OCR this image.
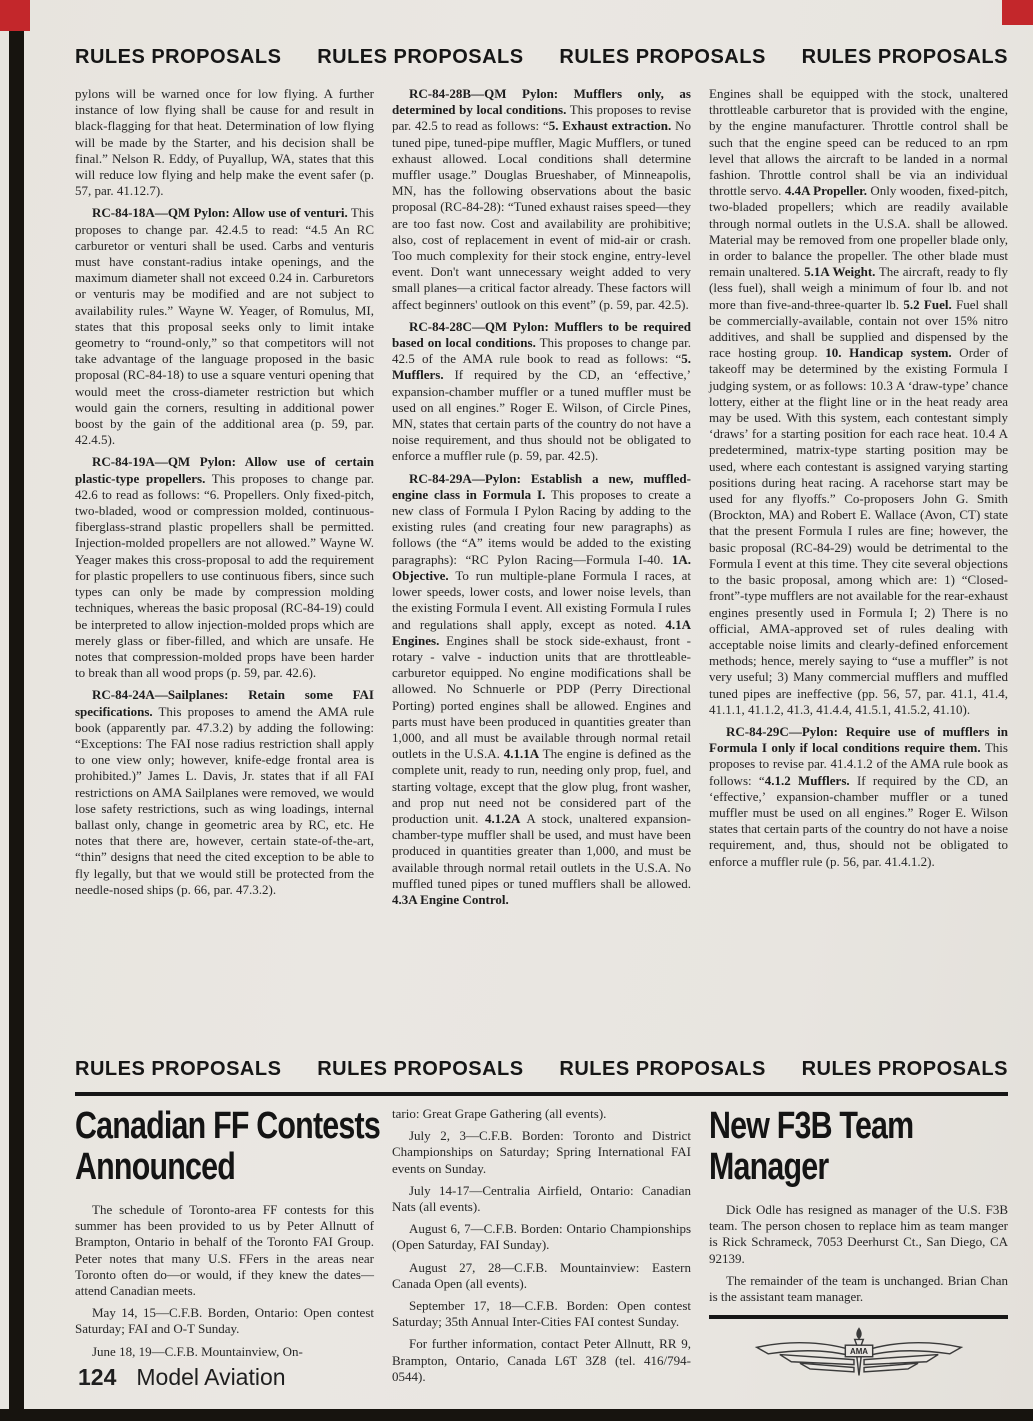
RULES PROPOSALS RULES PROPOSALS RULES PROPOSALS RULES PROPOSALS

pylons will be warned once for low flying. A further instance of low flying shall be cause for and result in black-flagging for that heat. Determination of low flying will be made by the Starter, and his decision shall be final.” Nelson R. Eddy, of Puyallup, WA, states that this will reduce low flying and help make the event safer (p. 57, par. 41.12.7).

RC-84-18A—QM Pylon: Allow use of venturi. This proposes to change par. 42.4.5 to read: “4.5 An RC carburetor or venturi shall be used. Carbs and venturis must have constant-radius intake openings, and the maximum diameter shall not exceed 0.24 in. Carburetors or venturis may be modified and are not subject to availability rules.” Wayne W. Yeager, of Romulus, MI, states that this proposal seeks only to limit intake geometry to “round-only,” so that competitors will not take advantage of the language proposed in the basic proposal (RC-84-18) to use a square venturi opening that would meet the cross-diameter restriction but which would gain the corners, resulting in additional power boost by the gain of the additional area (p. 59, par. 42.4.5).

RC-84-19A—QM Pylon: Allow use of certain plastic-type propellers. This proposes to change par. 42.6 to read as follows: “6. Propellers. Only fixed-pitch, two-bladed, wood or compression molded, continuous-fiberglass-strand plastic propellers shall be permitted. Injection-molded propellers are not allowed.” Wayne W. Yeager makes this cross-proposal to add the requirement for plastic propellers to use continuous fibers, since such types can only be made by compression molding techniques, whereas the basic proposal (RC-84-19) could be interpreted to allow injection-molded props which are merely glass or fiber-filled, and which are unsafe. He notes that compression-molded props have been harder to break than all wood props (p. 59, par. 42.6).

RC-84-24A—Sailplanes: Retain some FAI specifications. This proposes to amend the AMA rule book (apparently par. 47.3.2) by adding the following: “Exceptions: The FAI nose radius restriction shall apply to one view only; however, knife-edge frontal area is prohibited.)” James L. Davis, Jr. states that if all FAI restrictions on AMA Sailplanes were removed, we would lose safety restrictions, such as wing loadings, internal ballast only, change in geometric area by RC, etc. He notes that there are, however, certain state-of-the-art, “thin” designs that need the cited exception to be able to fly legally, but that we would still be protected from the needle-nosed ships (p. 66, par. 47.3.2).

RC-84-28B—QM Pylon: Mufflers only, as determined by local conditions. This proposes to revise par. 42.5 to read as follows: “5. Exhaust extraction. No tuned pipe, tuned-pipe muffler, Magic Mufflers, or tuned exhaust allowed. Local conditions shall determine muffler usage.” Douglas Brueshaber, of Minneapolis, MN, has the following observations about the basic proposal (RC-84-28): “Tuned exhaust raises speed—they are too fast now. Cost and availability are prohibitive; also, cost of replacement in event of mid-air or crash. Too much complexity for their stock engine, entry-level event. Don't want unnecessary weight added to very small planes—a critical factor already. These factors will affect beginners' outlook on this event” (p. 59, par. 42.5).

RC-84-28C—QM Pylon: Mufflers to be required based on local conditions. This proposes to change par. 42.5 of the AMA rule book to read as follows: “5. Mufflers. If required by the CD, an ‘effective,’ expansion-chamber muffler or a tuned muffler must be used on all engines.” Roger E. Wilson, of Circle Pines, MN, states that certain parts of the country do not have a noise requirement, and thus should not be obligated to enforce a muffler rule (p. 59, par. 42.5).

RC-84-29A—Pylon: Establish a new, muffled-engine class in Formula I. This proposes to create a new class of Formula I Pylon Racing by adding to the existing rules (and creating four new paragraphs) as follows (the “A” items would be added to the existing paragraphs): “RC Pylon Racing—Formula I-40. 1A. Objective. To run multiple-plane Formula I races, at lower speeds, lower costs, and lower noise levels, than the existing Formula I event. All existing Formula I rules and regulations shall apply, except as noted. 4.1A Engines. Engines shall be stock side-exhaust, front - rotary - valve - induction units that are throttleable-carburetor equipped. No engine modifications shall be allowed. No Schnuerle or PDP (Perry Directional Porting) ported engines shall be allowed. Engines and parts must have been produced in quantities greater than 1,000, and all must be available through normal retail outlets in the U.S.A. 4.1.1A The engine is defined as the complete unit, ready to run, needing only prop, fuel, and starting voltage, except that the glow plug, front washer, and prop nut need not be considered part of the production unit. 4.1.2A A stock, unaltered expansion-chamber-type muffler shall be used, and must have been produced in quantities greater than 1,000, and must be available through normal retail outlets in the U.S.A. No muffled tuned pipes or tuned mufflers shall be allowed. 4.3A Engine Control.

Engines shall be equipped with the stock, unaltered throttleable carburetor that is provided with the engine, by the engine manufacturer. Throttle control shall be such that the engine speed can be reduced to an rpm level that allows the aircraft to be landed in a normal fashion. Throttle control shall be via an individual throttle servo. 4.4A Propeller. Only wooden, fixed-pitch, two-bladed propellers; which are readily available through normal outlets in the U.S.A. shall be allowed. Material may be removed from one propeller blade only, in order to balance the propeller. The other blade must remain unaltered. 5.1A Weight. The aircraft, ready to fly (less fuel), shall weigh a minimum of four lb. and not more than five-and-three-quarter lb. 5.2 Fuel. Fuel shall be commercially-available, contain not over 15% nitro additives, and shall be supplied and dispensed by the race hosting group. 10. Handicap system. Order of takeoff may be determined by the existing Formula I judging system, or as follows: 10.3 A ‘draw-type’ chance lottery, either at the flight line or in the heat ready area may be used. With this system, each contestant simply ‘draws’ for a starting position for each race heat. 10.4 A predetermined, matrix-type starting position may be used, where each contestant is assigned varying starting positions during heat racing. A racehorse start may be used for any flyoffs.” Co-proposers John G. Smith (Brockton, MA) and Robert E. Wallace (Avon, CT) state that the present Formula I rules are fine; however, the basic proposal (RC-84-29) would be detrimental to the Formula I event at this time. They cite several objections to the basic proposal, among which are: 1) “Closed-front”-type mufflers are not available for the rear-exhaust engines presently used in Formula I; 2) There is no official, AMA-approved set of rules dealing with acceptable noise limits and clearly-defined enforcement methods; hence, merely saying to “use a muffler” is not very useful; 3) Many commercial mufflers and muffled tuned pipes are ineffective (pp. 56, 57, par. 41.1, 41.4, 41.1.1, 41.1.2, 41.3, 41.4.4, 41.5.1, 41.5.2, 41.10).

RC-84-29C—Pylon: Require use of mufflers in Formula I only if local conditions require them. This proposes to revise par. 41.4.1.2 of the AMA rule book as follows: “4.1.2 Mufflers. If required by the CD, an ‘effective,’ expansion-chamber muffler or a tuned muffler must be used on all engines.” Roger E. Wilson states that certain parts of the country do not have a noise requirement, and, thus, should not be obligated to enforce a muffler rule (p. 56, par. 41.4.1.2).

RULES PROPOSALS RULES PROPOSALS RULES PROPOSALS RULES PROPOSALS
Canadian FF Contests
Announced

The schedule of Toronto-area FF contests for this summer has been provided to us by Peter Allnutt of Brampton, Ontario in behalf of the Toronto FAI Group. Peter notes that many U.S. FFers in the areas near Toronto often do—or would, if they knew the dates—attend Canadian meets.

May 14, 15—C.F.B. Borden, Ontario: Open contest Saturday; FAI and O-T Sunday.

June 18, 19—C.F.B. Mountainview, On-

tario: Great Grape Gathering (all events).

July 2, 3—C.F.B. Borden: Toronto and District Championships on Saturday; Spring International FAI events on Sunday.

July 14-17—Centralia Airfield, Ontario: Canadian Nats (all events).

August 6, 7—C.F.B. Borden: Ontario Championships (Open Saturday, FAI Sunday).

August 27, 28—C.F.B. Mountainview: Eastern Canada Open (all events).

September 17, 18—C.F.B. Borden: Open contest Saturday; 35th Annual Inter-Cities FAI contest Sunday.

For further information, contact Peter Allnutt, RR 9, Brampton, Ontario, Canada L6T 3Z8 (tel. 416/794-0544).

New F3B Team
Manager

Dick Odle has resigned as manager of the U.S. F3B team. The person chosen to replace him as team manger is Rick Schrameck, 7053 Deerhurst Ct., San Diego, CA 92139.

The remainder of the team is unchanged. Brian Chan is the assistant team manager.

AMA
124 Model Aviation
